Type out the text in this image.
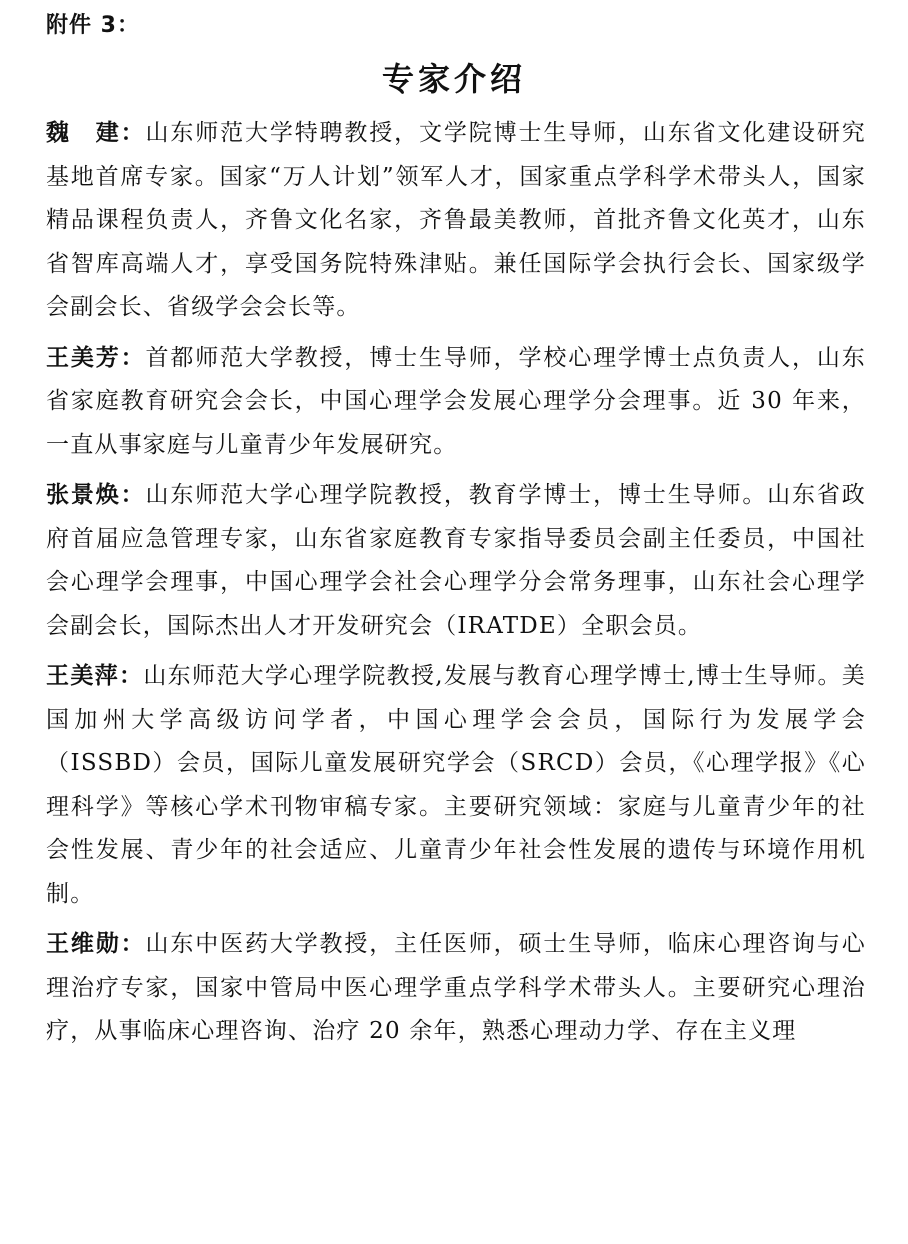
附件 3：
专家介绍

魏　建：山东师范大学特聘教授，文学院博士生导师，山东省文化建设研究基地首席专家。国家“万人计划”领军人才，国家重点学科学术带头人，国家精品课程负责人，齐鲁文化名家，齐鲁最美教师，首批齐鲁文化英才，山东省智库高端人才，享受国务院特殊津贴。兼任国际学会执行会长、国家级学会副会长、省级学会会长等。

王美芳：首都师范大学教授，博士生导师，学校心理学博士点负责人，山东省家庭教育研究会会长，中国心理学会发展心理学分会理事。近 30 年来，一直从事家庭与儿童青少年发展研究。

张景焕：山东师范大学心理学院教授，教育学博士，博士生导师。山东省政府首届应急管理专家，山东省家庭教育专家指导委员会副主任委员，中国社会心理学会理事，中国心理学会社会心理学分会常务理事，山东社会心理学会副会长，国际杰出人才开发研究会（IRATDE）全职会员。

王美萍：山东师范大学心理学院教授,发展与教育心理学博士,博士生导师。美国加州大学高级访问学者，中国心理学会会员，国际行为发展学会（ISSBD）会员，国际儿童发展研究学会（SRCD）会员，《心理学报》《心理科学》等核心学术刊物审稿专家。主要研究领域：家庭与儿童青少年的社会性发展、青少年的社会适应、儿童青少年社会性发展的遗传与环境作用机制。

王维勋：山东中医药大学教授，主任医师，硕士生导师，临床心理咨询与心理治疗专家，国家中管局中医心理学重点学科学术带头人。主要研究心理治疗，从事临床心理咨询、治疗 20 余年，熟悉心理动力学、存在主义理
